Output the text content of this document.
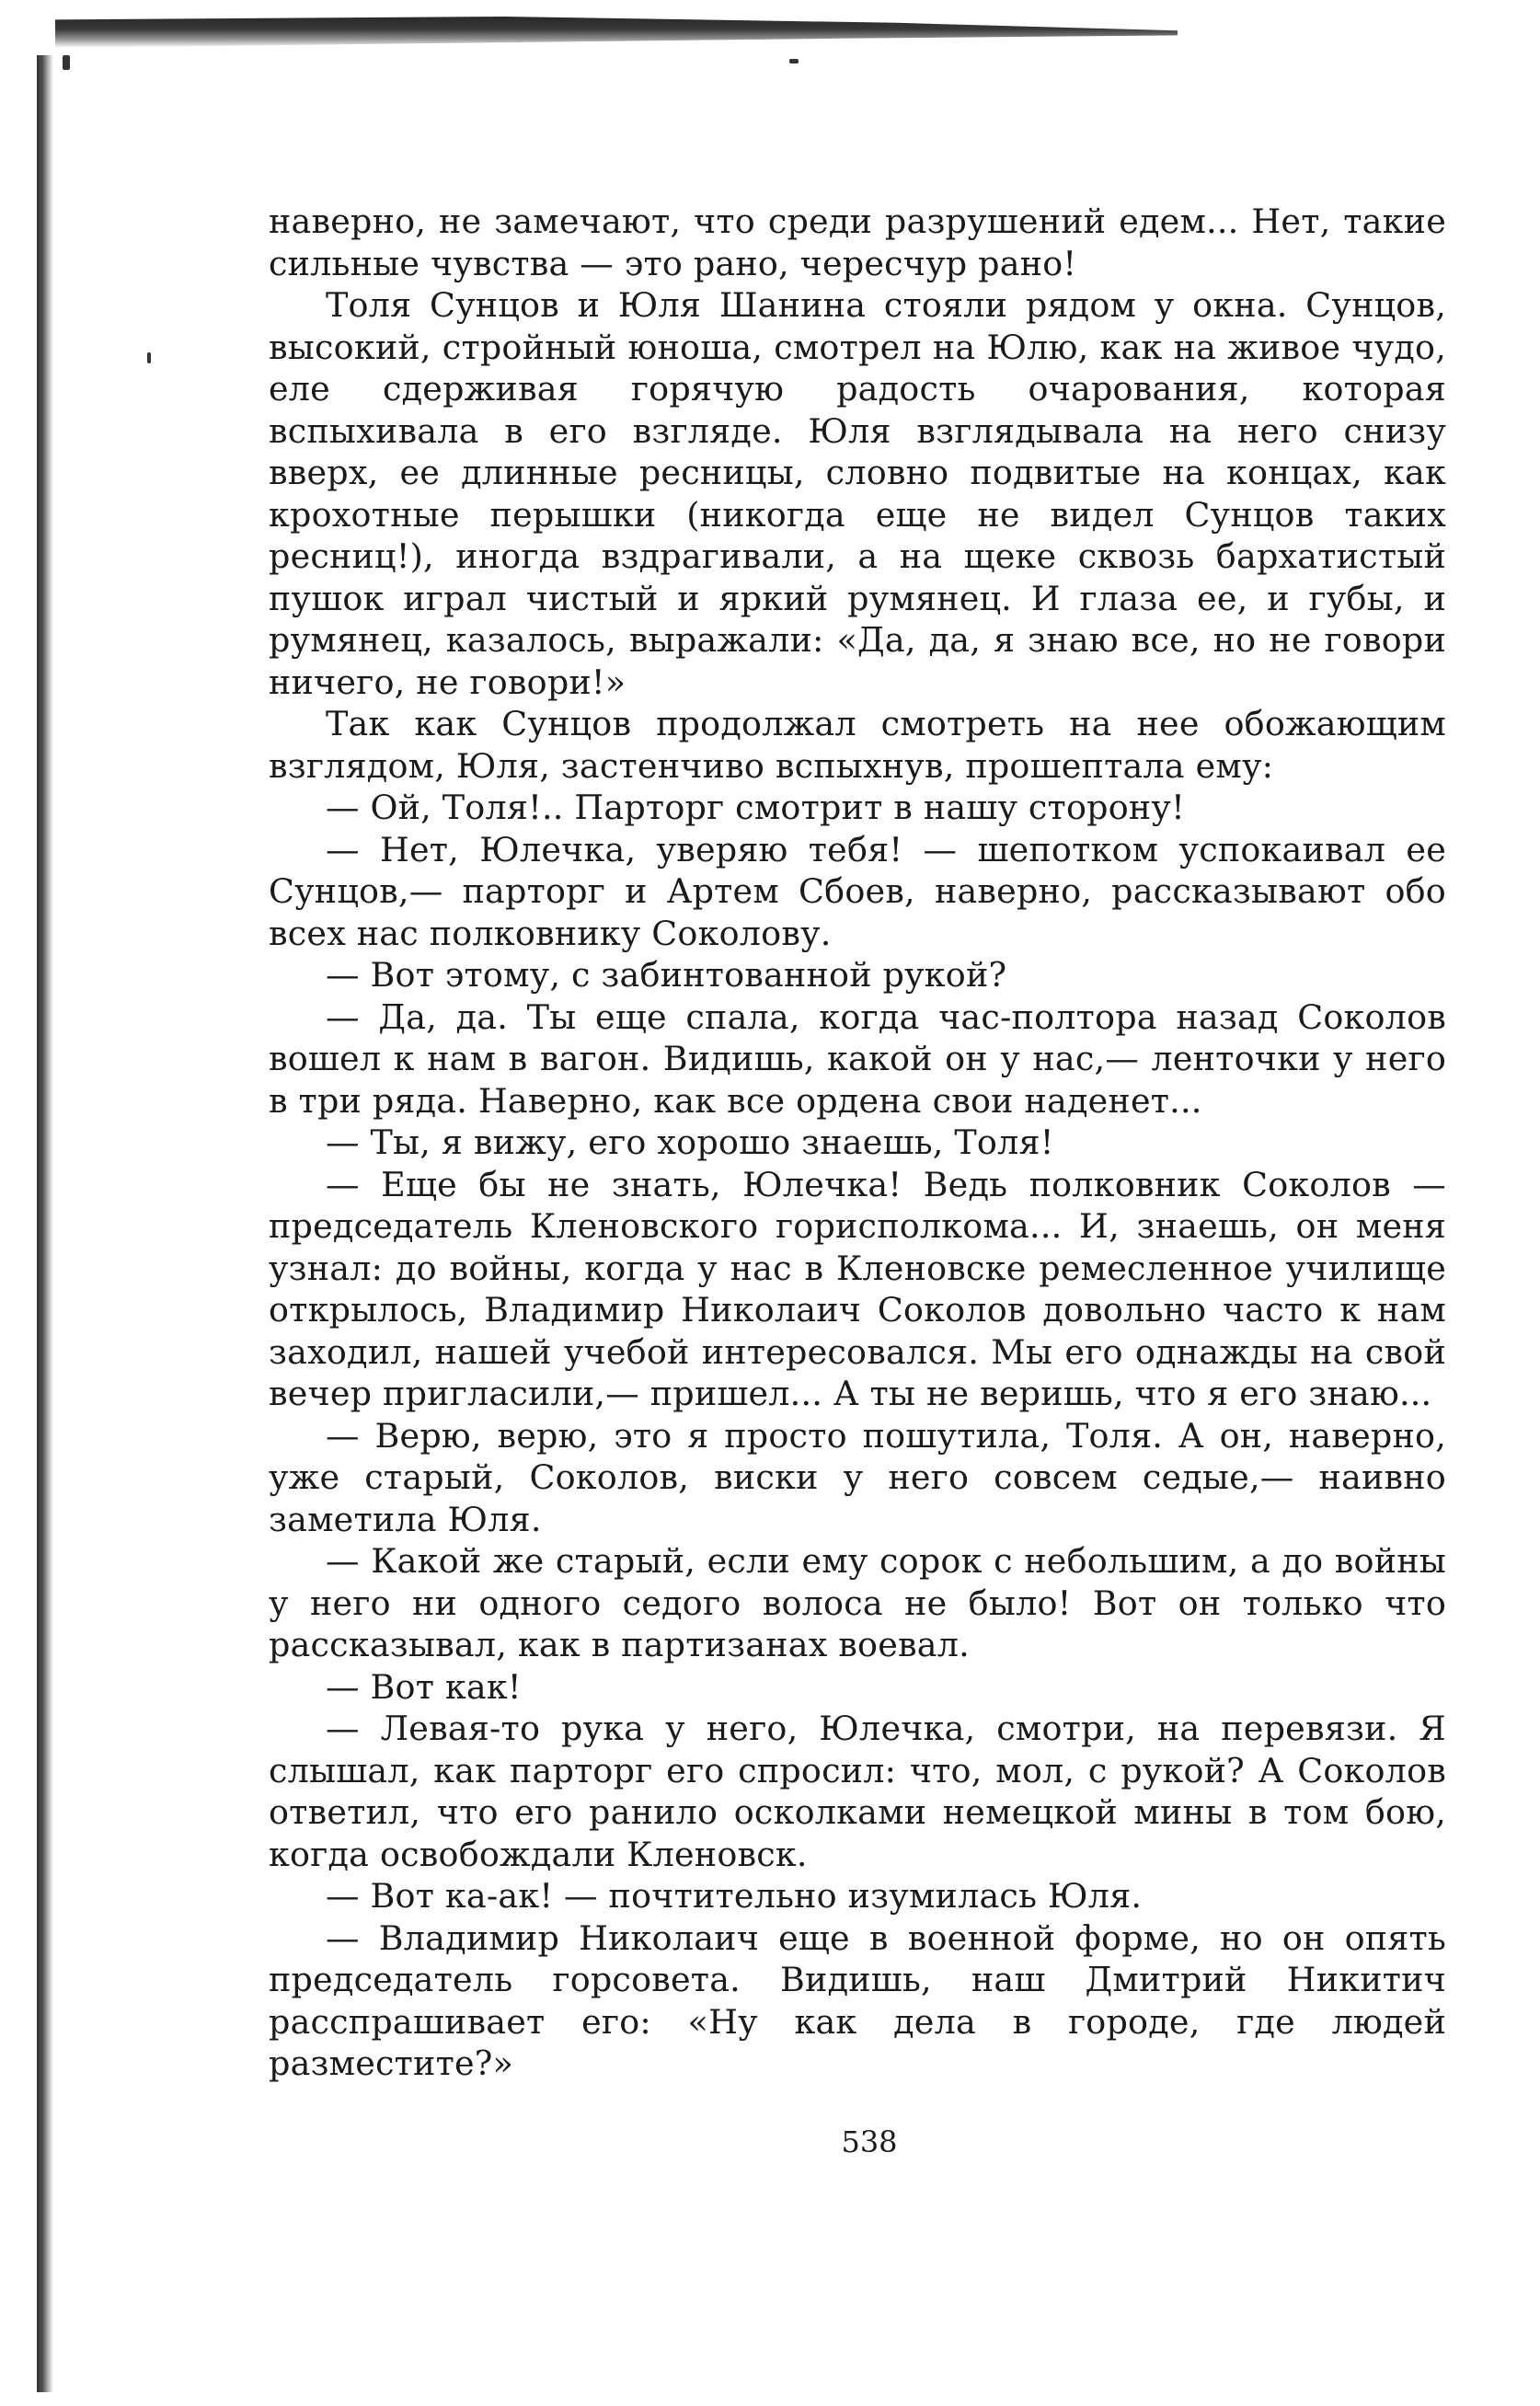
наверно, не замечают, что среди разрушений едем... Нет, такие сильные чувства — это рано, чересчур рано!

Толя Сунцов и Юля Шанина стояли рядом у окна. Сунцов, высокий, стройный юноша, смотрел на Юлю, как на живое чудо, еле сдерживая горячую радость очарования, которая вспыхивала в его взгляде. Юля взглядывала на него снизу вверх, ее длинные ресницы, словно подвитые на концах, как крохотные перышки (никогда еще не видел Сунцов таких ресниц!), иногда вздрагивали, а на щеке сквозь бархатистый пушок играл чистый и яркий румянец. И глаза ее, и губы, и румянец, казалось, выражали: «Да, да, я знаю все, но не говори ничего, не говори!»

Так как Сунцов продолжал смотреть на нее обожающим взглядом, Юля, застенчиво вспыхнув, прошептала ему:

— Ой, Толя!.. Парторг смотрит в нашу сторону!

— Нет, Юлечка, уверяю тебя! — шепотком успокаивал ее Сунцов,— парторг и Артем Сбоев, наверно, рассказывают обо всех нас полковнику Соколову.

— Вот этому, с забинтованной рукой?

— Да, да. Ты еще спала, когда час-полтора назад Соколов вошел к нам в вагон. Видишь, какой он у нас,— ленточки у него в три ряда. Наверно, как все ордена свои наденет...

— Ты, я вижу, его хорошо знаешь, Толя!

— Еще бы не знать, Юлечка! Ведь полковник Соколов — председатель Кленовского горисполкома... И, знаешь, он меня узнал: до войны, когда у нас в Кленовске ремесленное училище открылось, Владимир Николаич Соколов довольно часто к нам заходил, нашей учебой интересовался. Мы его однажды на свой вечер пригласили,— пришел... А ты не веришь, что я его знаю...

— Верю, верю, это я просто пошутила, Толя. А он, наверно, уже старый, Соколов, виски у него совсем седые,— наивно заметила Юля.

— Какой же старый, если ему сорок с небольшим, а до войны у него ни одного седого волоса не было! Вот он только что рассказывал, как в партизанах воевал.

— Вот как!

— Левая-то рука у него, Юлечка, смотри, на перевязи. Я слышал, как парторг его спросил: что, мол, с рукой? А Соколов ответил, что его ранило осколками немецкой мины в том бою, когда освобождали Кленовск.

— Вот ка-ак! — почтительно изумилась Юля.

— Владимир Николаич еще в военной форме, но он опять председатель горсовета. Видишь, наш Дмитрий Никитич расспрашивает его: «Ну как дела в городе, где людей разместите?»

538
